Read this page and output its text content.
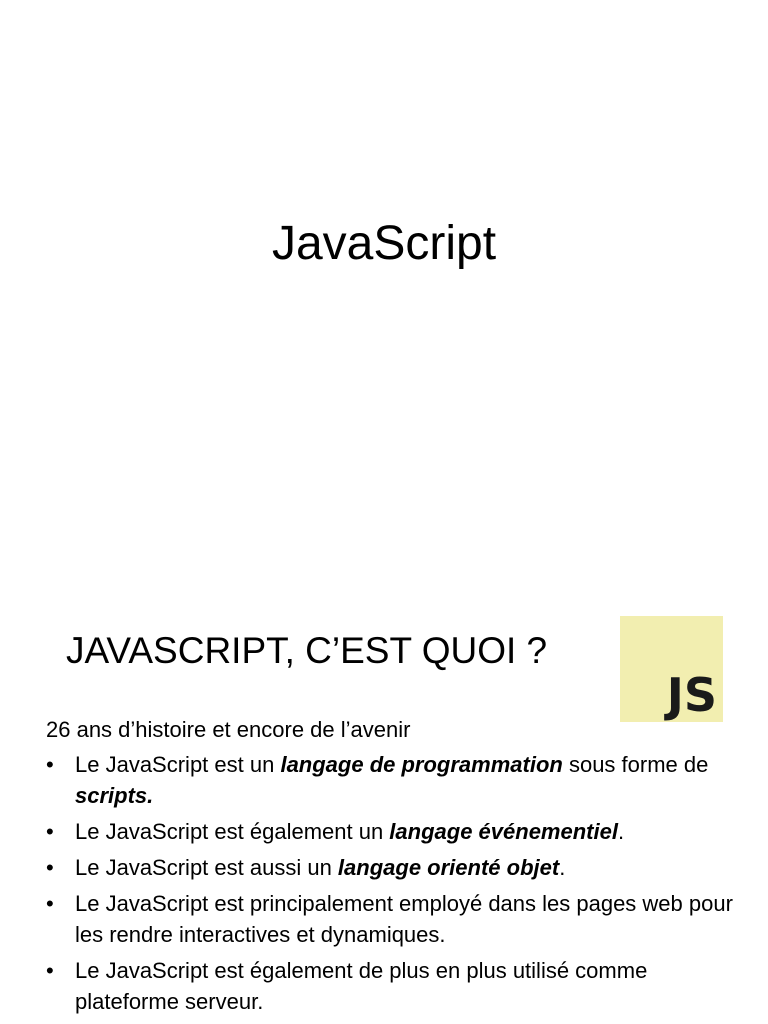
JavaScript
JAVASCRIPT, C’EST QUOI ?
JS

26 ans d’histoire et encore de l’avenir

• Le JavaScript est un langage de programmation sous forme de scripts.
• Le JavaScript est également un langage événementiel.
• Le JavaScript est aussi un langage orienté objet.
• Le JavaScript est principalement employé dans les pages web pour les rendre interactives et dynamiques.
• Le JavaScript est également de plus en plus utilisé comme plateforme serveur.
